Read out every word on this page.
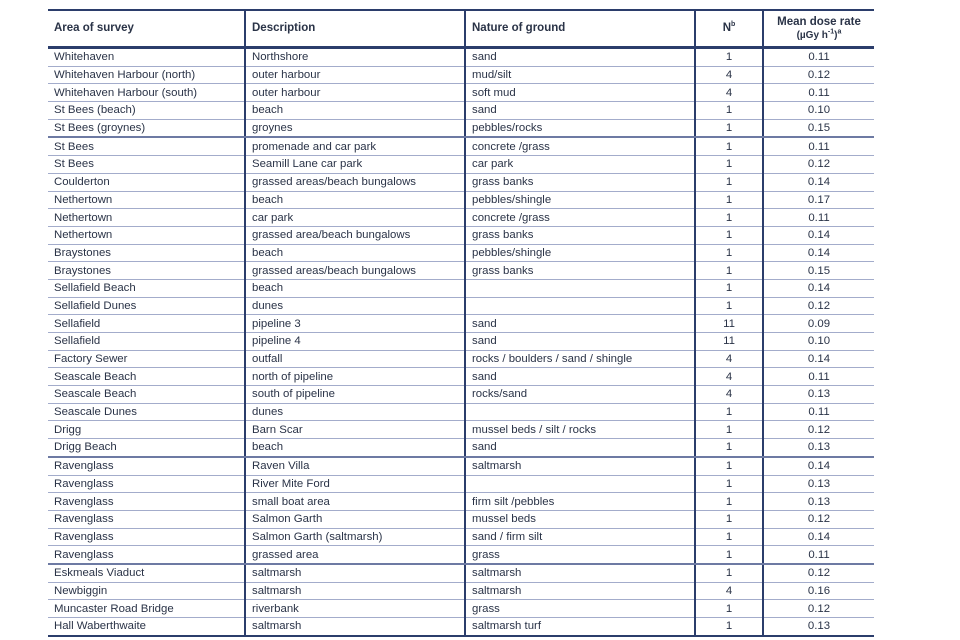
Area of survey	Description	Nature of ground	$N^b$	Mean dose rate
(µGy $h^{-1})^a$

Whitehaven	Northshore	sand	1	0.11
Whitehaven Harbour (north)	outer harbour	mud/silt	4	0.12
Whitehaven Harbour (south)	outer harbour	soft mud	4	0.11
St Bees (beach)	beach	sand	1	0.10
St Bees (groynes)	groynes	pebbles/rocks	1	0.15
St Bees	promenade and car park	concrete /grass	1	0.11
St Bees	Seamill Lane car park	car park	1	0.12
Coulderton	grassed areas/beach bungalows	grass banks	1	0.14
Nethertown	beach	pebbles/shingle	1	0.17
Nethertown	car park	concrete /grass	1	0.11
Nethertown	grassed area/beach bungalows	grass banks	1	0.14
Braystones	beach	pebbles/shingle	1	0.14
Braystones	grassed areas/beach bungalows	grass banks	1	0.15
Sellafield Beach	beach		1	0.14
Sellafield Dunes	dunes		1	0.12
Sellafield	pipeline 3	sand	11	0.09
Sellafield	pipeline 4	sand	11	0.10
Factory Sewer	outfall	rocks / boulders / sand / shingle	4	0.14
Seascale Beach	north of pipeline	sand	4	0.11
Seascale Beach	south of pipeline	rocks/sand	4	0.13
Seascale Dunes	dunes		1	0.11
Drigg	Barn Scar	mussel beds / silt / rocks	1	0.12
Drigg Beach	beach	sand	1	0.13
Ravenglass	Raven Villa	saltmarsh	1	0.14
Ravenglass	River Mite Ford		1	0.13
Ravenglass	small boat area	firm silt /pebbles	1	0.13
Ravenglass	Salmon Garth	mussel beds	1	0.12
Ravenglass	Salmon Garth (saltmarsh)	sand / firm silt	1	0.14
Ravenglass	grassed area	grass	1	0.11
Eskmeals Viaduct	saltmarsh	saltmarsh	1	0.12
Newbiggin	saltmarsh	saltmarsh	4	0.16
Muncaster Road Bridge	riverbank	grass	1	0.12
Hall Waberthwaite	saltmarsh	saltmarsh turf	1	0.13
